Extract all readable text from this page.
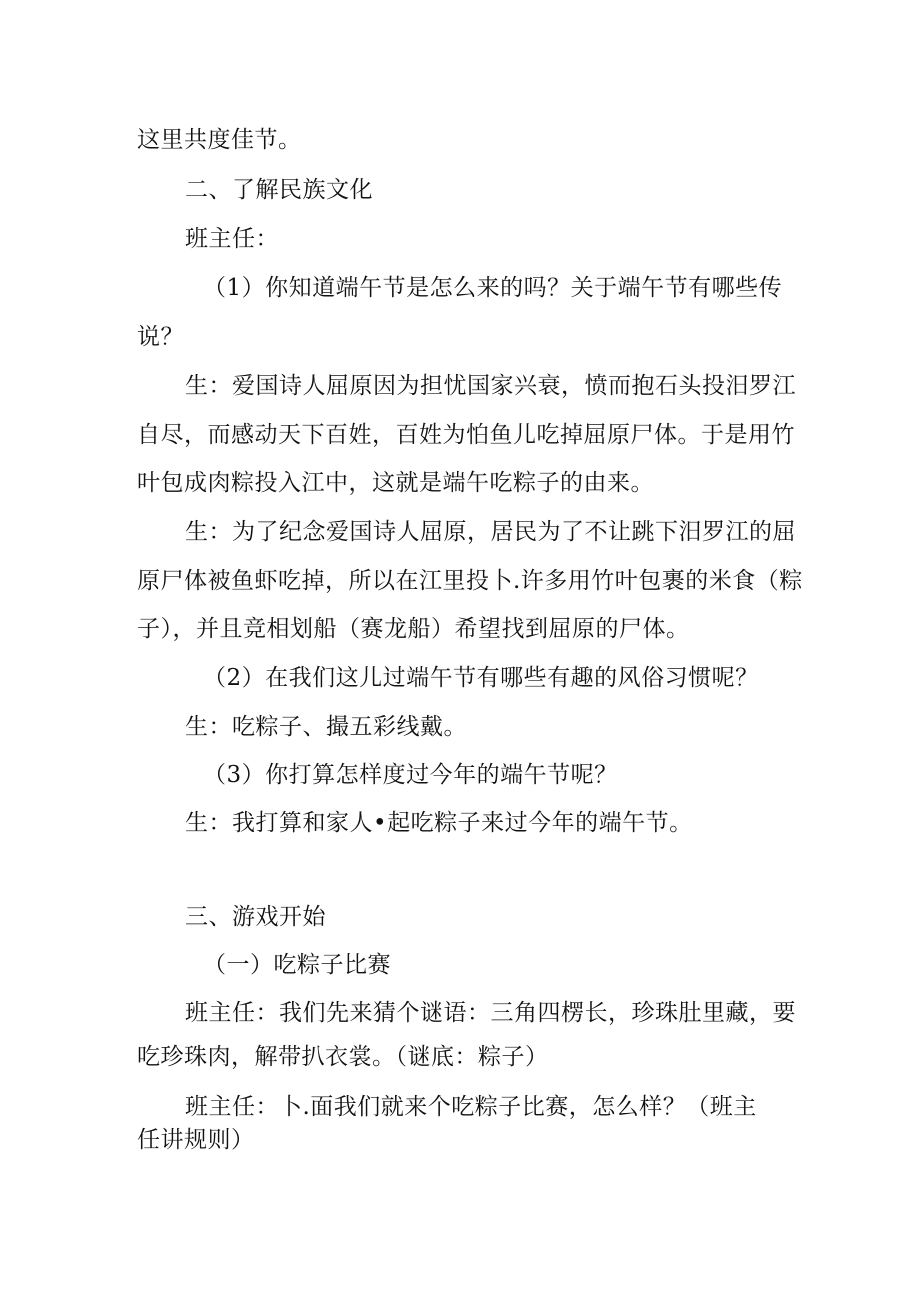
这里共度佳节。
二、了解民族文化
班主任：
（1）你知道端午节是怎么来的吗？关于端午节有哪些传
说？
生：爱国诗人屈原因为担忧国家兴衰，愤而抱石头投汨罗江
自尽，而感动天下百姓，百姓为怕鱼儿吃掉屈原尸体。于是用竹
叶包成肉粽投入江中，这就是端午吃粽子的由来。
生：为了纪念爱国诗人屈原，居民为了不让跳下汨罗江的屈
原尸体被鱼虾吃掉，所以在江里投卜.许多用竹叶包裹的米食（粽
子），并且竞相划船（赛龙船）希望找到屈原的尸体。
（2）在我们这儿过端午节有哪些有趣的风俗习惯呢？
生：吃粽子、撮五彩线戴。
（3）你打算怎样度过今年的端午节呢？
生：我打算和家人•起吃粽子来过今年的端午节。
三、游戏开始
（一）吃粽子比赛
班主任：我们先来猜个谜语：三角四楞长，珍珠肚里藏，要
吃珍珠肉，解带扒衣裳。（谜底：粽子）
班主任：卜.面我们就来个吃粽子比赛，怎么样？（班主
任讲规则）
